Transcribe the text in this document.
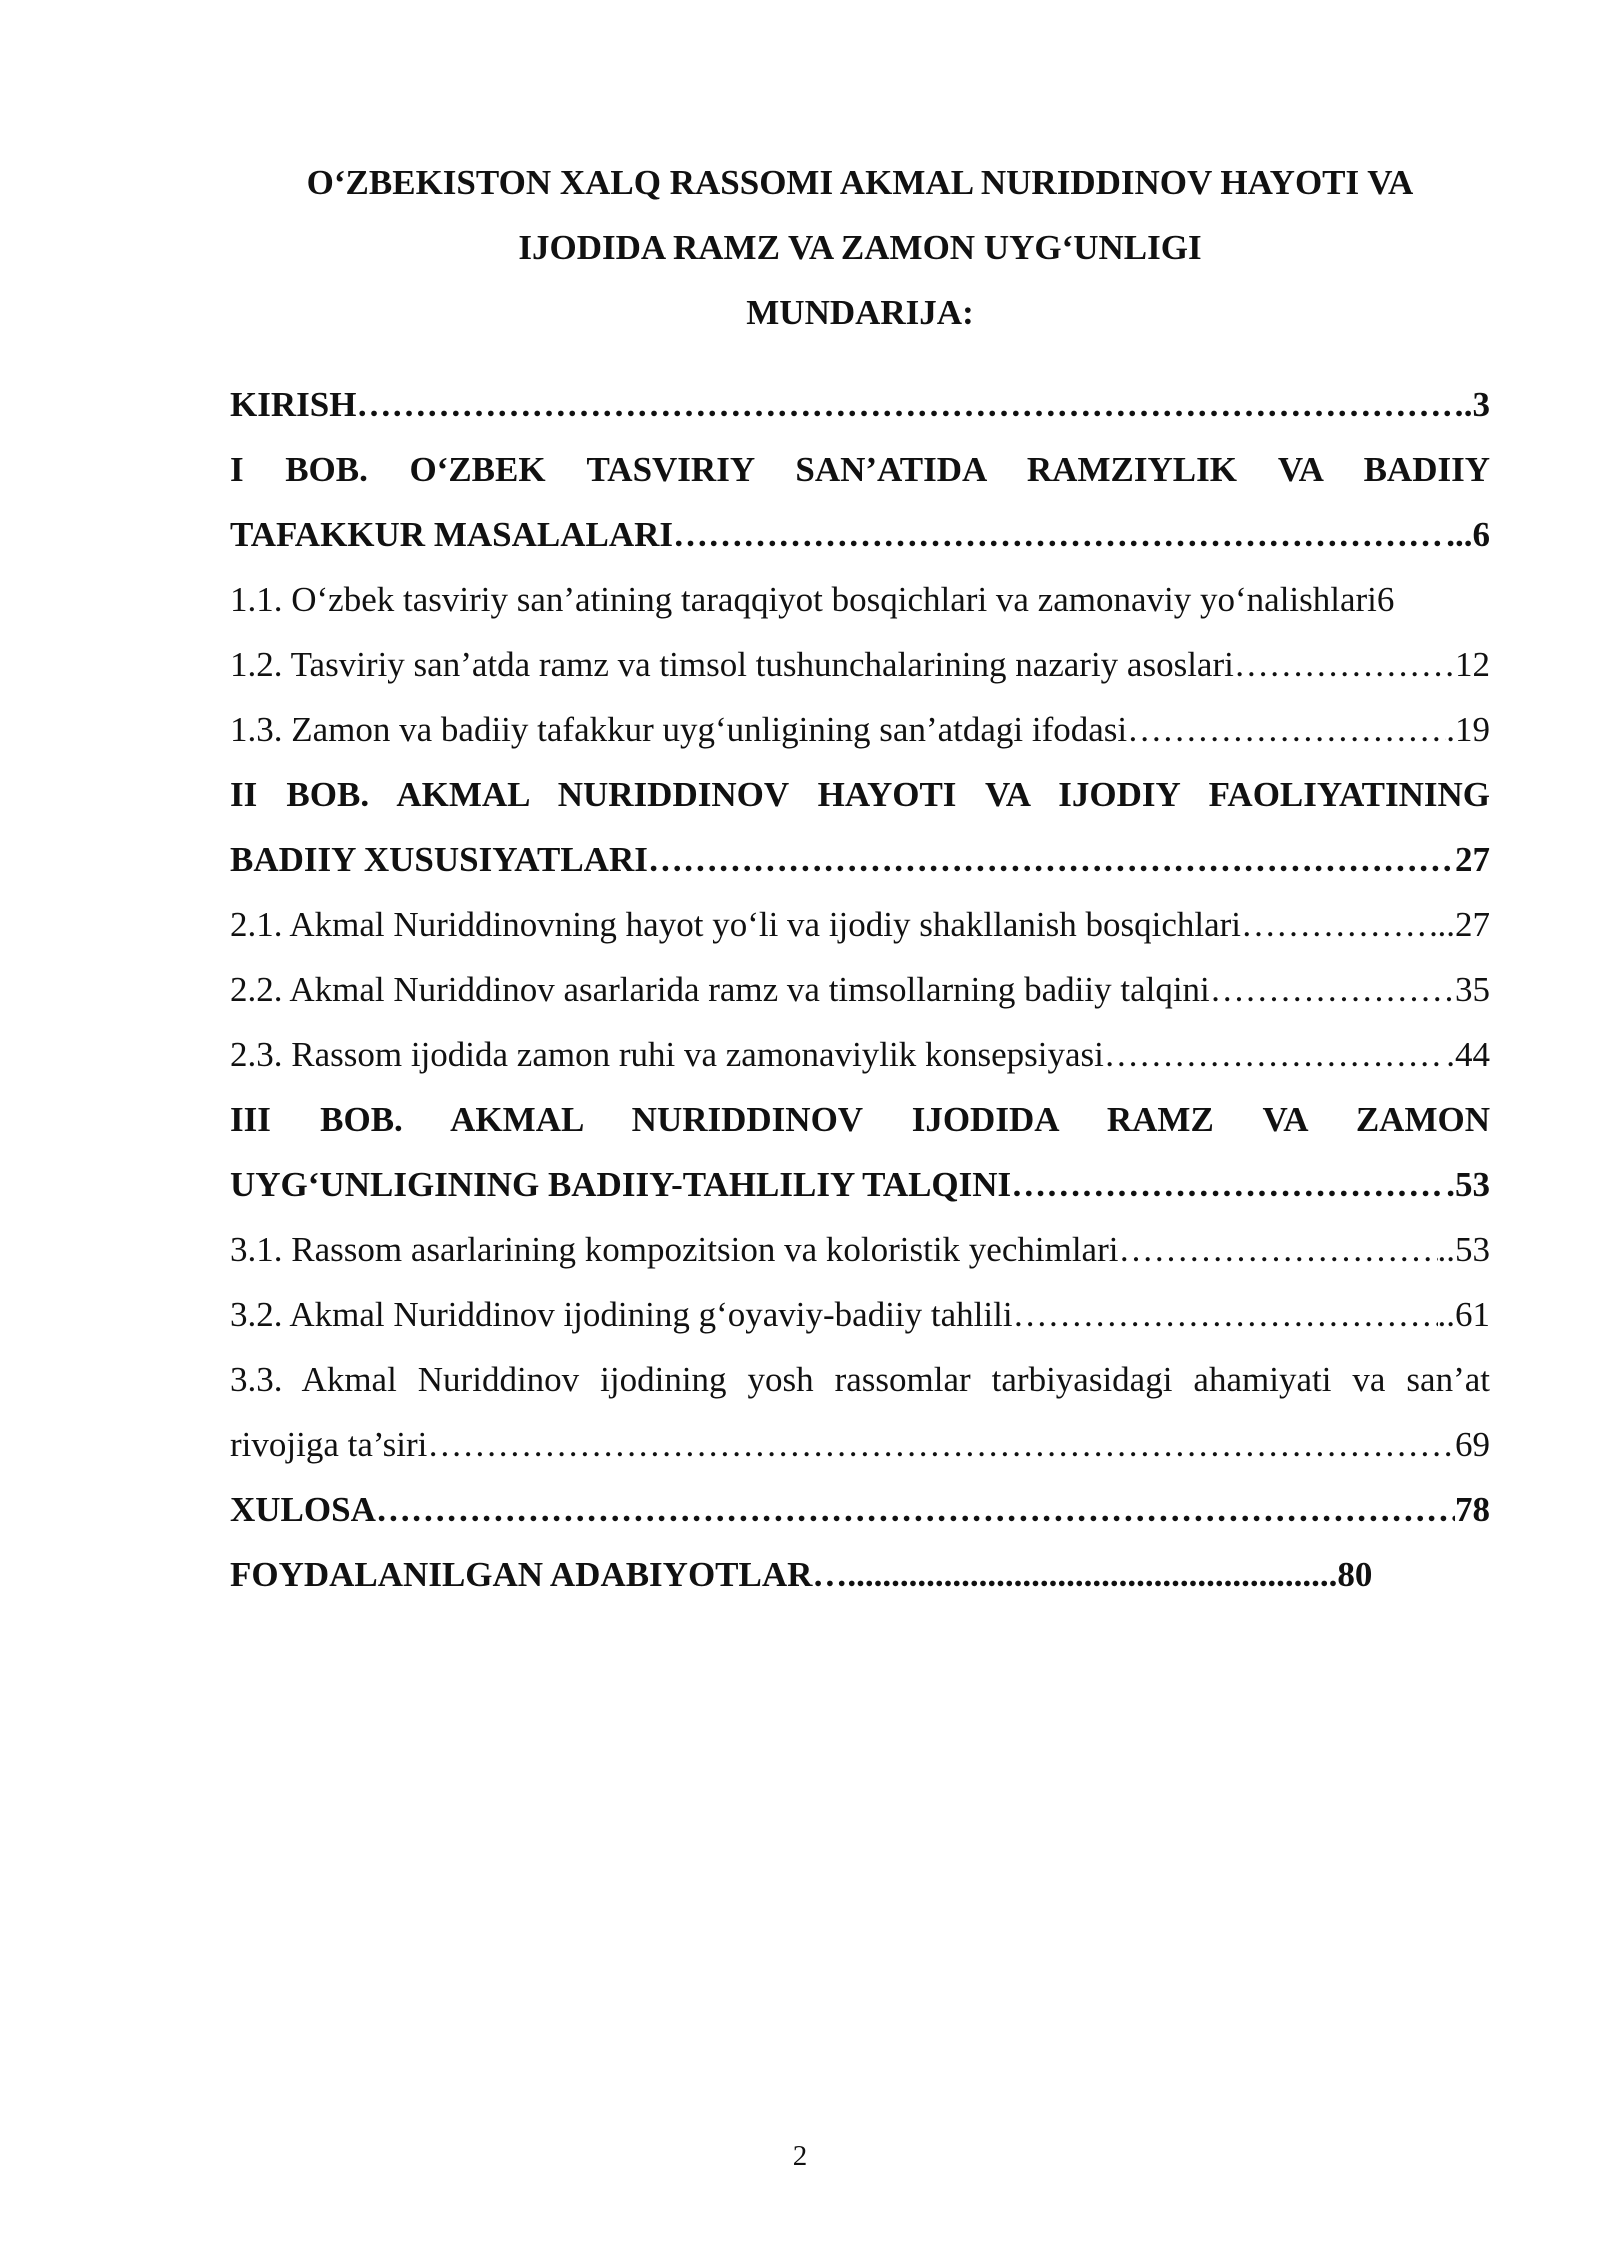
O‘ZBEKISTON XALQ RASSOMI AKMAL NURIDDINOV HAYOTI VA
IJODIDA RAMZ VA ZAMON UYG‘UNLIGI
MUNDARIJA:
KIRISH ………………………………………………………………………………………………………………………………………………………………………………………………	.3
I BOB. O‘ZBEK TASVIRIY SAN’ATIDA RAMZIYLIK VA BADIIY
TAFAKKUR MASALALARI ………………………………………………………………………………………………………………………………………………………………………………………………	...6
1.1. O‘zbek tasviriy san’atining taraqqiyot bosqichlari va zamonaviy yo‘nalishlari6
1.2. Tasviriy san’atda ramz va timsol tushunchalarining nazariy asoslari ………………………………………………………………………………………………………………………………………………………………………………………………	12
1.3. Zamon va badiiy tafakkur uyg‘unligining san’atdagi ifodasi ………………………………………………………………………………………………………………………………………………………………………………………………	.19
II BOB. AKMAL NURIDDINOV HAYOTI VA IJODIY FAOLIYATINING
BADIIY XUSUSIYATLARI ………………………………………………………………………………………………………………………………………………………………………………………………	27
2.1. Akmal Nuriddinovning hayot yo‘li va ijodiy shakllanish bosqichlari ………………………………………………………………………………………………………………………………………………………………………………………………	..27
2.2. Akmal Nuriddinov asarlarida ramz va timsollarning badiiy talqini ………………………………………………………………………………………………………………………………………………………………………………………………	35
2.3. Rassom ijodida zamon ruhi va zamonaviylik konsepsiyasi ………………………………………………………………………………………………………………………………………………………………………………………………	.44
III BOB. AKMAL NURIDDINOV IJODIDA RAMZ VA ZAMON
UYG‘UNLIGINING BADIIY-TAHLILIY TALQINI ………………………………………………………………………………………………………………………………………………………………………………………………	.53
3.1. Rassom asarlarining kompozitsion va koloristik yechimlari ………………………………………………………………………………………………………………………………………………………………………………………………	..53
3.2. Akmal Nuriddinov ijodining g‘oyaviy-badiiy tahlili ………………………………………………………………………………………………………………………………………………………………………………………………	..61
3.3. Akmal Nuriddinov ijodining yosh rassomlar tarbiyasidagi ahamiyati va san’at
rivojiga ta’siri ………………………………………………………………………………………………………………………………………………………………………………………………	69
XULOSA ………………………………………………………………………………………………………………………………………………………………………………………………	78
FOYDALANILGAN ADABIYOTLAR …........................................................80
2
